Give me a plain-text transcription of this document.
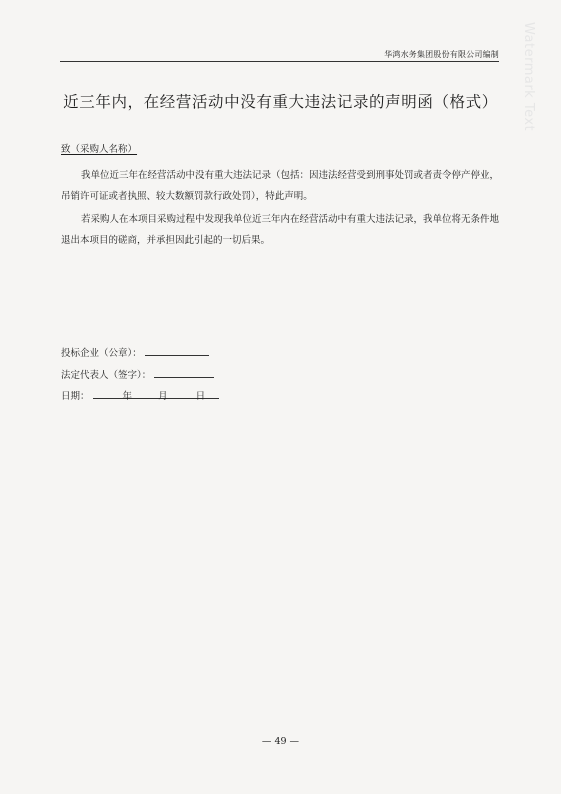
华鸿水务集团股份有限公司编制 Watermark Text
近三年内，在经营活动中没有重大违法记录的声明函（格式）
致（采购人名称）
我单位近三年在经营活动中没有重大违法记录（包括：因违法经营受到刑事处罚或者责令停产停业，吊销许可证或者执照、较大数额罚款行政处罚），特此声明。
若采购人在本项目采购过程中发现我单位近三年内在经营活动中有重大违法记录，我单位将无条件地退出本项目的磋商，并承担因此引起的一切后果。
投标企业（公章）：
法定代表人（签字）：
日期：	年	月	日
— 49 —
